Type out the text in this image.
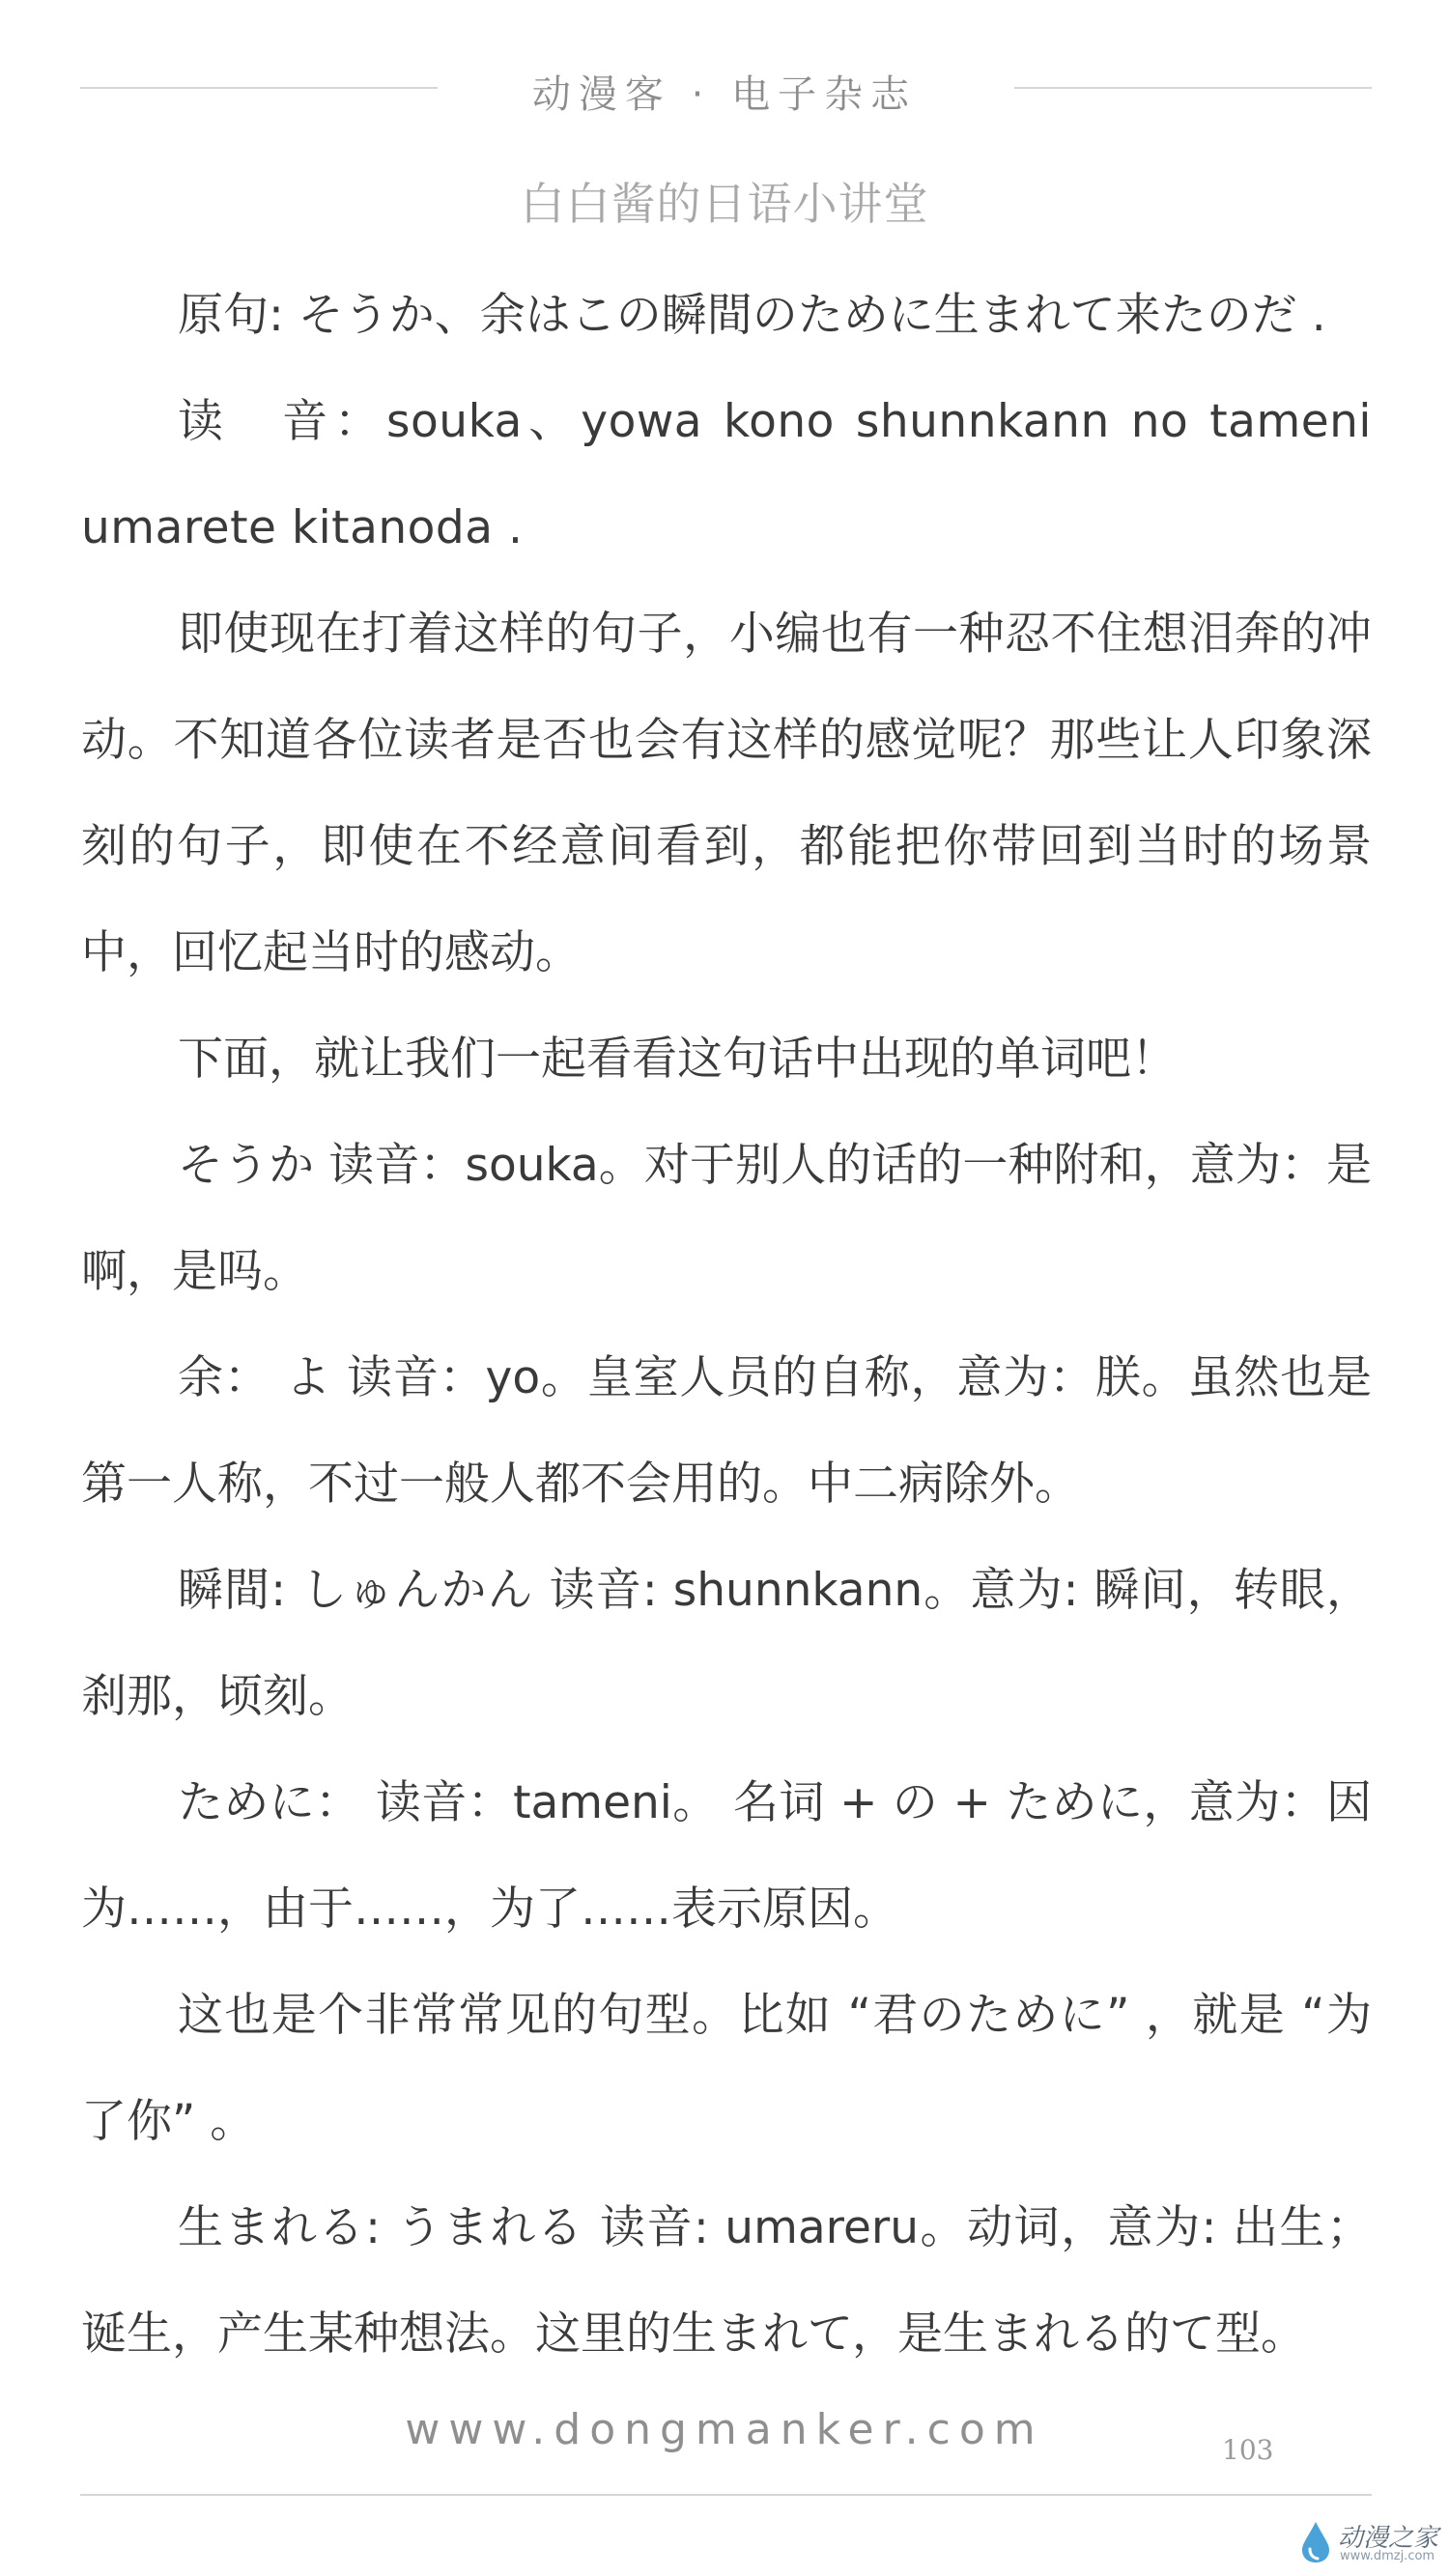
动漫客 · 电子杂志
白白酱的日语小讲堂

原句: そうか、余はこの瞬間のために生まれて来たのだ .

读　音：souka、yowa kono shunnkann no tameni umarete kitanoda .

即使现在打着这样的句子，小编也有一种忍不住想泪奔的冲动。不知道各位读者是否也会有这样的感觉呢？那些让人印象深刻的句子，即使在不经意间看到，都能把你带回到当时的场景中，回忆起当时的感动。

下面，就让我们一起看看这句话中出现的单词吧！

そうか 读音：souka。对于别人的话的一种附和，意为：是啊，是吗。

余： よ 读音：yo。皇室人员的自称，意为：朕。虽然也是第一人称，不过一般人都不会用的。中二病除外。

瞬間: しゅんかん 读音: shunnkann。意为: 瞬间，转眼，刹那，顷刻。

ために： 读音：tameni。 名词 + の + ために，意为：因为……，由于……，为了……表示原因。

这也是个非常常见的句型。比如 “君のために” ，就是 “为了你” 。

生まれる: うまれる 读音: umareru。动词，意为: 出生；诞生，产生某种想法。这里的生まれて，是生まれる的て型。

www.dongmanker.com	103
动漫之家
www.dmzj.com
